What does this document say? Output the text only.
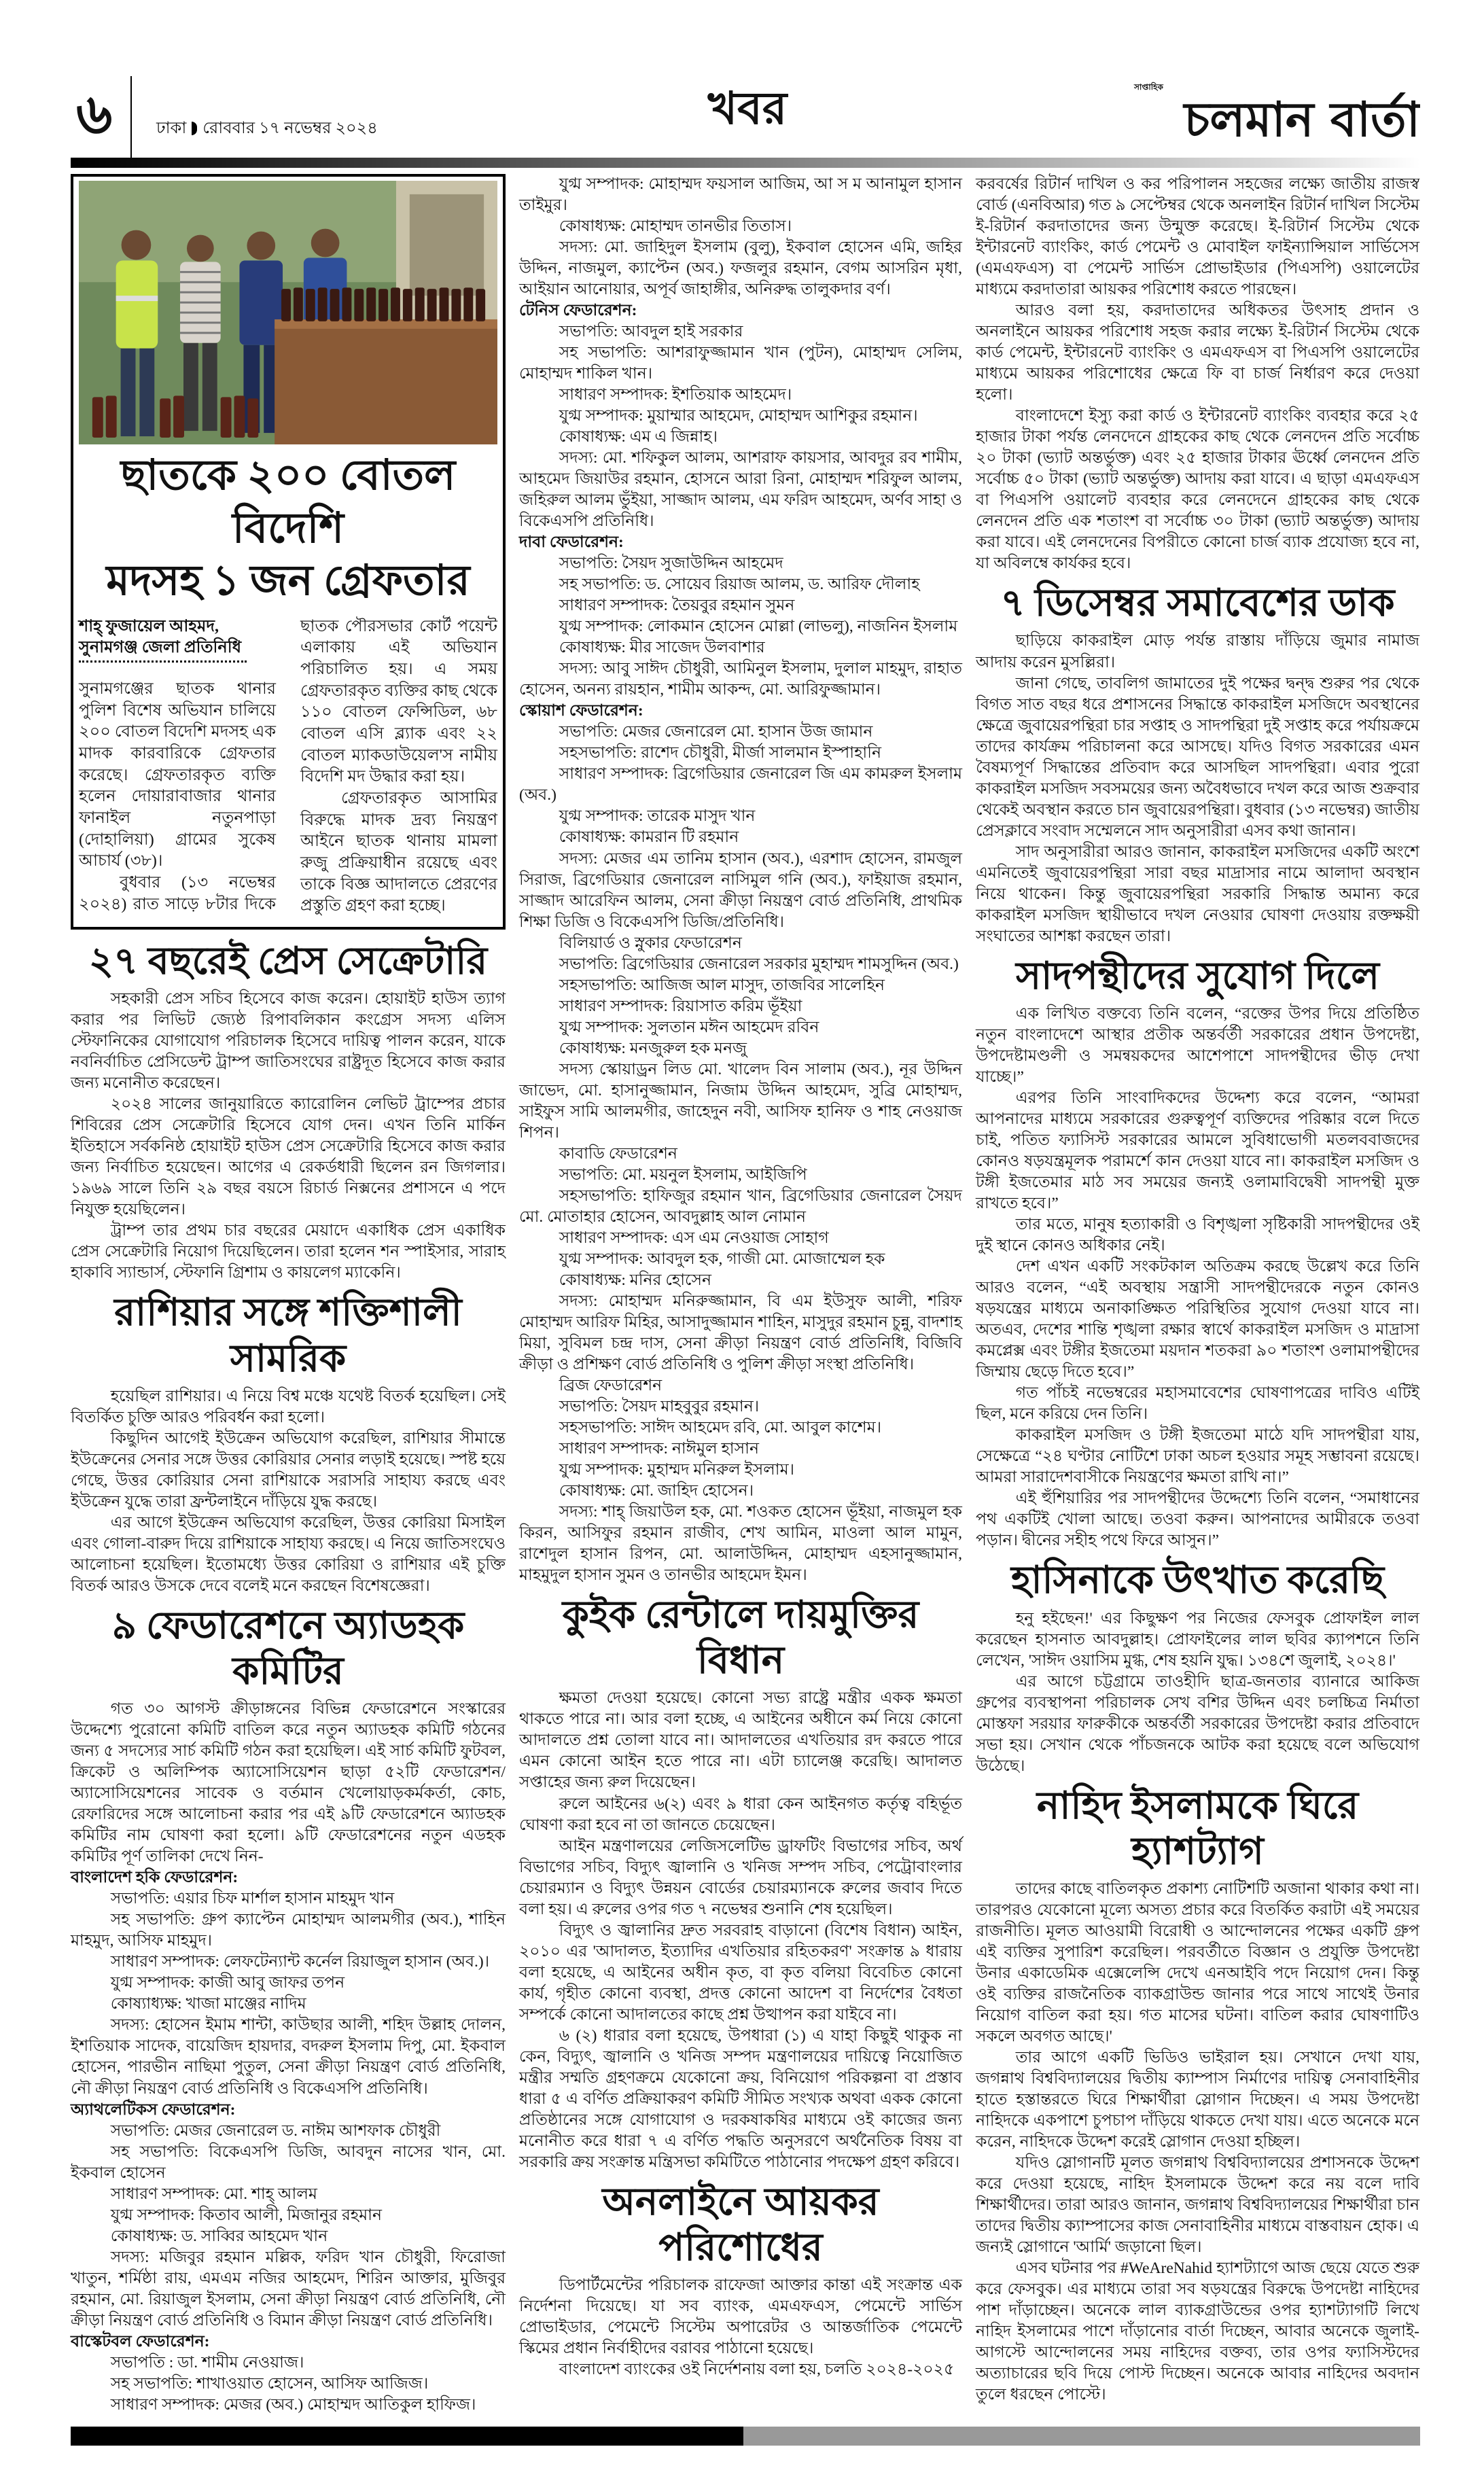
৬	ঢাকা রোববার ১৭ নভেম্বর ২০২৪	খবর	সাপ্তাহিক
চলমান বার্তা
ছাতকে ২০০ বোতল বিদেশি
মদসহ ১ জন গ্রেফতার
শাহ্ ফুজায়েল আহমদ,
সুনামগঞ্জ জেলা প্রতিনিধি

সুনামগঞ্জের ছাতক থানার পুলিশ বিশেষ অভিযান চালিয়ে ২০০ বোতল বিদেশি মদসহ এক মাদক কারবারিকে গ্রেফতার করেছে। গ্রেফতারকৃত ব্যক্তি হলেন দোয়ারাবাজার থানার ফানাইল নতুনপাড়া (দোহালিয়া) গ্রামের সুকেষ আচার্য (৩৮)।

বুধবার (১৩ নভেম্বর ২০২৪) রাত সাড়ে ৮টার দিকে ছাতক পৌরসভার কোর্ট পয়েন্ট এলাকায় এই অভিযান পরিচালিত হয়। এ সময় গ্রেফতারকৃত ব্যক্তির কাছ থেকে ১১০ বোতল ফেন্সিডিল, ৬৮ বোতল এসি ব্ল্যাক এবং ২২ বোতল ম্যাকডাউয়েল'স নামীয় বিদেশি মদ উদ্ধার করা হয়।

গ্রেফতারকৃত আসামির বিরুদ্ধে মাদক দ্রব্য নিয়ন্ত্রণ আইনে ছাতক থানায় মামলা রুজু প্রক্রিয়াধীন রয়েছে এবং তাকে বিজ্ঞ আদালতে প্রেরণের প্রস্তুতি গ্রহণ করা হচ্ছে।

২৭ বছরেই প্রেস সেক্রেটারি

সহকারী প্রেস সচিব হিসেবে কাজ করেন। হোয়াইট হাউস ত্যাগ করার পর লিভিট জ্যেষ্ঠ রিপাবলিকান কংগ্রেস সদস্য এলিস স্টেফানিকের যোগাযোগ পরিচালক হিসেবে দায়িত্ব পালন করেন, যাকে নবনির্বাচিত প্রেসিডেন্ট ট্রাম্প জাতিসংঘের রাষ্ট্রদূত হিসেবে কাজ করার জন্য মনোনীত করেছেন।

২০২৪ সালের জানুয়ারিতে ক্যারোলিন লেভিট ট্রাম্পের প্রচার শিবিরের প্রেস সেক্রেটারি হিসেবে যোগ দেন। এখন তিনি মার্কিন ইতিহাসে সর্বকনিষ্ঠ হোয়াইট হাউস প্রেস সেক্রেটারি হিসেবে কাজ করার জন্য নির্বাচিত হয়েছেন। আগের এ রেকর্ডধারী ছিলেন রন জিগলার। ১৯৬৯ সালে তিনি ২৯ বছর বয়সে রিচার্ড নিক্সনের প্রশাসনে এ পদে নিযুক্ত হয়েছিলেন।

ট্রাম্প তার প্রথম চার বছরের মেয়াদে একাধিক প্রেস একাধিক প্রেস সেক্রেটারি নিয়োগ দিয়েছিলেন। তারা হলেন শন স্পাইসার, সারাহ হাকাবি স্যান্ডার্স, স্টেফানি গ্রিশাম ও কায়লেগ ম্যাকেনি।

রাশিয়ার সঙ্গে শক্তিশালী সামরিক

হয়েছিল রাশিয়ার। এ নিয়ে বিশ্ব মঞ্চে যথেষ্ট বিতর্ক হয়েছিল। সেই বিতর্কিত চুক্তি আরও পরিবর্ধন করা হলো।

কিছুদিন আগেই ইউক্রেন অভিযোগ করেছিল, রাশিয়ার সীমান্তে ইউক্রেনের সেনার সঙ্গে উত্তর কোরিয়ার সেনার লড়াই হয়েছে। স্পষ্ট হয়ে গেছে, উত্তর কোরিয়ার সেনা রাশিয়াকে সরাসরি সাহায্য করছে এবং ইউক্রেন যুদ্ধে তারা ফ্রন্টলাইনে দাঁড়িয়ে যুদ্ধ করছে।

এর আগে ইউক্রেন অভিযোগ করেছিল, উত্তর কোরিয়া মিসাইল এবং গোলা-বারুদ দিয়ে রাশিয়াকে সাহায্য করছে। এ নিয়ে জাতিসংঘেও আলোচনা হয়েছিল। ইতোমধ্যে উত্তর কোরিয়া ও রাশিয়ার এই চুক্তি বিতর্ক আরও উসকে দেবে বলেই মনে করছেন বিশেষজ্ঞেরা।

৯ ফেডারেশনে অ্যাডহক কমিটির

গত ৩০ আগস্ট ক্রীড়াঙ্গনের বিভিন্ন ফেডারেশনে সংস্কারের উদ্দেশ্যে পুরোনো কমিটি বাতিল করে নতুন অ্যাডহক কমিটি গঠনের জন্য ৫ সদস্যের সার্চ কমিটি গঠন করা হয়েছিল। এই সার্চ কমিটি ফুটবল, ক্রিকেট ও অলিম্পিক অ্যাসোসিয়েশন ছাড়া ৫২টি ফেডারেশন/অ্যাসোসিয়েশনের সাবেক ও বর্তমান খেলোয়াড়কর্মকর্তা, কোচ, রেফারিদের সঙ্গে আলোচনা করার পর এই ৯টি ফেডারেশনে অ্যাডহক কমিটির নাম ঘোষণা করা হলো। ৯টি ফেডারেশনের নতুন এডহক কমিটির পূর্ণ তালিকা দেখে নিন-

বাংলাদেশ হকি ফেডারেশন:

সভাপতি: এয়ার চিফ মার্শাল হাসান মাহমুদ খান

সহ সভাপতি: গ্রুপ ক্যাপ্টেন মোহাম্মদ আলমগীর (অব.), শাহিন মাহমুদ, আসিফ মাহমুদ।

সাধারণ সম্পাদক: লেফটেন্যান্ট কর্নেল রিয়াজুল হাসান (অব.)।

যুগ্ম সম্পাদক: কাজী আবু জাফর তপন

কোষ্যাধ্যক্ষ: খাজা মাঞ্জের নাদিম

সদস্য: হোসেন ইমাম শান্টা, কাউছার আলী, শহিদ উল্লাহ দোলন, ইশতিয়াক সাদেক, বায়েজিদ হায়দার, বদরুল ইসলাম দিপু, মো. ইকবাল হোসেন, পারভীন নাছিমা পুতুল, সেনা ক্রীড়া নিয়ন্ত্রণ বোর্ড প্রতিনিধি, নৌ ক্রীড়া নিয়ন্ত্রণ বোর্ড প্রতিনিধি ও বিকেএসপি প্রতিনিধি।

অ্যাথলেটিকস ফেডারেশন:

সভাপতি: মেজর জেনারেল ড. নাঈম আশফাক চৌধুরী

সহ সভাপতি: বিকেএসপি ডিজি, আবদুন নাসের খান, মো. ইকবাল হোসেন

সাধারণ সম্পাদক: মো. শাহ্ আলম

যুগ্ম সম্পাদক: কিতাব আলী, মিজানুর রহমান

কোষাধ্যক্ষ: ড. সাব্বির আহমেদ খান

সদস্য: মজিবুর রহমান মল্লিক, ফরিদ খান চৌধুরী, ফিরোজা খাতুন, শর্মিষ্ঠা রায়, এমএম নজির আহমেদ, শিরিন আক্তার, মুজিবুর রহমান, মো. রিয়াজুল ইসলাম, সেনা ক্রীড়া নিয়ন্ত্রণ বোর্ড প্রতিনিধি, নৌ ক্রীড়া নিয়ন্ত্রণ বোর্ড প্রতিনিধি ও বিমান ক্রীড়া নিয়ন্ত্রণ বোর্ড প্রতিনিধি।

বাস্কেটবল ফেডারেশন:

সভাপতি : ডা. শামীম নেওয়াজ।

সহ সভাপতি: শাখাওয়াত হোসেন, আসিফ আজিজ।

সাধারণ সম্পাদক: মেজর (অব.) মোহাম্মদ আতিকুল হাফিজ।

যুগ্ম সম্পাদক: মোহাম্মদ ফয়সাল আজিম, আ স ম আনামুল হাসান তাইমুর।

কোষাধ্যক্ষ: মোহাম্মদ তানভীর তিতাস।

সদস্য: মো. জাহিদুল ইসলাম (বুলু), ইকবাল হোসেন এমি, জহির উদ্দিন, নাজমুল, ক্যাপ্টেন (অব.) ফজলুর রহমান, বেগম আসরিন মৃধা, আইয়ান আনোয়ার, অপূর্ব জাহাঙ্গীর, অনিরুদ্ধ তালুকদার বর্ণ।

টেনিস ফেডারেশন:

সভাপতি: আবদুল হাই সরকার

সহ সভাপতি: আশরাফুজ্জামান খান (পুটন), মোহাম্মদ সেলিম, মোহাম্মদ শাকিল খান।

সাধারণ সম্পাদক: ইশতিয়াক আহমেদ।

যুগ্ম সম্পাদক: মুয়াম্মার আহমেদ, মোহাম্মদ আশিকুর রহমান।

কোষাধ্যক্ষ: এম এ জিন্নাহ।

সদস্য: মো. শফিকুল আলম, আশরাফ কায়সার, আবদুর রব শামীম, আহমেদ জিয়াউর রহমান, হোসনে আরা রিনা, মোহাম্মদ শরিফুল আলম, জহিরুল আলম ভুঁইয়া, সাজ্জাদ আলম, এম ফরিদ আহমেদ, অর্ণব সাহা ও বিকেএসপি প্রতিনিধি।

দাবা ফেডারেশন:

সভাপতি: সৈয়দ সুজাউদ্দিন আহমেদ

সহ সভাপতি: ড. সোয়েব রিয়াজ আলম, ড. আরিফ দৌলাহ

সাধারণ সম্পাদক: তৈয়বুর রহমান সুমন

যুগ্ম সম্পাদক: লোকমান হোসেন মোল্লা (লাভলু), নাজনিন ইসলাম

কোষাধ্যক্ষ: মীর সাজেদ উলবাশার

সদস্য: আবু সাঈদ চৌধুরী, আমিনুল ইসলাম, দুলাল মাহমুদ, রাহাত হোসেন, অনন্য রায়হান, শামীম আকন্দ, মো. আরিফুজ্জামান।

স্কোয়াশ ফেডারেশন:

সভাপতি: মেজর জেনারেল মো. হাসান উজ জামান

সহসভাপতি: রাশেদ চৌধুরী, মীর্জা সালমান ইস্পাহানি

সাধারণ সম্পাদক: ব্রিগেডিয়ার জেনারেল জি এম কামরুল ইসলাম (অব.)

যুগ্ম সম্পাদক: তারেক মাসুদ খান

কোষাধ্যক্ষ: কামরান টি রহমান

সদস্য: মেজর এম তানিম হাসান (অব.), এরশাদ হোসেন, রামজুল সিরাজ, ব্রিগেডিয়ার জেনারেল নাসিমুল গনি (অব.), ফাইয়াজ রহমান, সাজ্জাদ আরেফিন আলম, সেনা ক্রীড়া নিয়ন্ত্রণ বোর্ড প্রতিনিধি, প্রাথমিক শিক্ষা ডিজি ও বিকেএসপি ডিজি/প্রতিনিধি।

বিলিয়ার্ড ও স্নুকার ফেডারেশন

সভাপতি: ব্রিগেডিয়ার জেনারেল সরকার মুহাম্মদ শামসুদ্দিন (অব.)

সহসভাপতি: আজিজ আল মাসুদ, তাজবির সালেহিন

সাধারণ সম্পাদক: রিয়াসাত করিম ভূঁইয়া

যুগ্ম সম্পাদক: সুলতান মঈন আহমেদ রবিন

কোষাধ্যক্ষ: মনজুরুল হক মনজু

সদস্য স্কোয়াড্রন লিড মো. খালেদ বিন সালাম (অব.), নূর উদ্দিন জাভেদ, মো. হাসানুজ্জামান, নিজাম উদ্দিন আহমেদ, সুব্রি মোহাম্মদ, সাইফুস সামি আলমগীর, জাহেদুন নবী, আসিফ হানিফ ও শাহ নেওয়াজ শিপন।

কাবাডি ফেডারেশন

সভাপতি: মো. ময়নুল ইসলাম, আইজিপি

সহসভাপতি: হাফিজুর রহমান খান, ব্রিগেডিয়ার জেনারেল সৈয়দ মো. মোতাহার হোসেন, আবদুল্লাহ আল নোমান

সাধারণ সম্পাদক: এস এম নেওয়াজ সোহাগ

যুগ্ম সম্পাদক: আবদুল হক, গাজী মো. মোজাম্মেল হক

কোষাধ্যক্ষ: মনির হোসেন

সদস্য: মোহাম্মদ মনিরুজ্জামান, বি এম ইউসুফ আলী, শরিফ মোহাম্মদ আরিফ মিহির, আসাদুজ্জামান শাহিন, মাসুদুর রহমান চুন্নু, বাদশাহ মিয়া, সুবিমল চন্দ্র দাস, সেনা ক্রীড়া নিয়ন্ত্রণ বোর্ড প্রতিনিধি, বিজিবি ক্রীড়া ও প্রশিক্ষণ বোর্ড প্রতিনিধি ও পুলিশ ক্রীড়া সংস্থা প্রতিনিধি।

ব্রিজ ফেডারেশন

সভাপতি: সৈয়দ মাহবুবুর রহমান।

সহসভাপতি: সাঈদ আহমেদ রবি, মো. আবুল কাশেম।

সাধারণ সম্পাদক: নাঈমুল হাসান

যুগ্ম সম্পাদক: মুহাম্মদ মনিরুল ইসলাম।

কোষাধ্যক্ষ: মো. জাহিদ হোসেন।

সদস্য: শাহ্ জিয়াউল হক, মো. শওকত হোসেন ভূঁইয়া, নাজমুল হক কিরন, আসিফুর রহমান রাজীব, শেখ আমিন, মাওলা আল মামুন, রাশেদুল হাসান রিপন, মো. আলাউদ্দিন, মোহাম্মদ এহসানুজ্জামান, মাহমুদুল হাসান সুমন ও তানভীর আহমেদ ইমন।

কুইক রেন্টালে দায়মুক্তির বিধান

ক্ষমতা দেওয়া হয়েছে। কোনো সভ্য রাষ্ট্রে মন্ত্রীর একক ক্ষমতা থাকতে পারে না। আর বলা হচ্ছে, এ আইনের অধীনে কর্ম নিয়ে কোনো আদালতে প্রশ্ন তোলা যাবে না। আদালতের এখতিয়ার রদ করতে পারে এমন কোনো আইন হতে পারে না। এটা চ্যালেঞ্জ করেছি। আদালত সপ্তাহের জন্য রুল দিয়েছেন।

রুলে আইনের ৬(২) এবং ৯ ধারা কেন আইনগত কর্তৃত্ব বহির্ভূত ঘোষণা করা হবে না তা জানতে চেয়েছেন।

আইন মন্ত্রণালয়ের লেজিসলেটিভ ড্রাফটিং বিভাগের সচিব, অর্থ বিভাগের সচিব, বিদ্যুৎ জ্বালানি ও খনিজ সম্পদ সচিব, পেট্রোবাংলার চেয়ারম্যান ও বিদ্যুৎ উন্নয়ন বোর্ডের চেয়ারম্যানকে রুলের জবাব দিতে বলা হয়। এ রুলের ওপর গত ৭ নভেম্বর শুনানি শেষ হয়েছিল।

বিদ্যুৎ ও জ্বালানির দ্রুত সরবরাহ বাড়ানো (বিশেষ বিধান) আইন, ২০১০ এর 'আদালত, ইত্যাদির এখতিয়ার রহিতকরণ' সংক্রান্ত ৯ ধারায় বলা হয়েছে, এ আইনের অধীন কৃত, বা কৃত বলিয়া বিবেচিত কোনো কার্য, গৃহীত কোনো ব্যবস্থা, প্রদত্ত কোনো আদেশ বা নির্দেশের বৈধতা সম্পর্কে কোনো আদালতের কাছে প্রশ্ন উত্থাপন করা যাইবে না।

৬ (২) ধারার বলা হয়েছে, উপধারা (১) এ যাহা কিছুই থাকুক না কেন, বিদ্যুৎ, জ্বালানি ও খনিজ সম্পদ মন্ত্রণালয়ের দায়িত্বে নিয়োজিত মন্ত্রীর সম্মতি গ্রহণক্রমে যেকোনো ক্রয়, বিনিয়োগ পরিকল্পনা বা প্রস্তাব ধারা ৫ এ বর্ণিত প্রক্রিয়াকরণ কমিটি সীমিত সংখ্যক অথবা একক কোনো প্রতিষ্ঠানের সঙ্গে যোগাযোগ ও দরকষাকষির মাধ্যমে ওই কাজের জন্য মনোনীত করে ধারা ৭ এ বর্ণিত পদ্ধতি অনুসরণে অর্থনৈতিক বিষয় বা সরকারি ক্রয় সংক্রান্ত মন্ত্রিসভা কমিটিতে পাঠানোর পদক্ষেপ গ্রহণ করিবে।

অনলাইনে আয়কর পরিশোধের

ডিপার্টমেন্টের পরিচালক রাফেজা আক্তার কান্তা এই সংক্রান্ত এক নির্দেশনা দিয়েছে। যা সব ব্যাংক, এমএফএস, পেমেন্টে সার্ভিস প্রোভাইডার, পেমেন্টে সিস্টেম অপারেটর ও আন্তর্জাতিক পেমেন্টে স্কিমের প্রধান নির্বাহীদের বরাবর পাঠানো হয়েছে।

বাংলাদেশ ব্যাংকের ওই নির্দেশনায় বলা হয়, চলতি ২০২৪-২০২৫

করবর্ষের রিটার্ন দাখিল ও কর পরিপালন সহজের লক্ষ্যে জাতীয় রাজস্ব বোর্ড (এনবিআর) গত ৯ সেপ্টেম্বর থেকে অনলাইন রিটার্ন দাখিল সিস্টেম ই-রিটার্ন করদাতাদের জন্য উন্মুক্ত করেছে। ই-রিটার্ন সিস্টেম থেকে ইন্টারনেট ব্যাংকিং, কার্ড পেমেন্ট ও মোবাইল ফাইন্যান্সিয়াল সার্ভিসেস (এমএফএস) বা পেমেন্ট সার্ভিস প্রোভাইডার (পিএসপি) ওয়ালেটের মাধ্যমে করদাতারা আয়কর পরিশোধ করতে পারছেন।

আরও বলা হয়, করদাতাদের অধিকতর উৎসাহ প্রদান ও অনলাইনে আয়কর পরিশোধ সহজ করার লক্ষ্যে ই-রিটার্ন সিস্টেম থেকে কার্ড পেমেন্ট, ইন্টারনেট ব্যাংকিং ও এমএফএস বা পিএসপি ওয়ালেটের মাধ্যমে আয়কর পরিশোধের ক্ষেত্রে ফি বা চার্জ নির্ধারণ করে দেওয়া হলো।

বাংলাদেশে ইস্যু করা কার্ড ও ইন্টারনেট ব্যাংকিং ব্যবহার করে ২৫ হাজার টাকা পর্যন্ত লেনদেনে গ্রাহকের কাছ থেকে লেনদেন প্রতি সর্বোচ্চ ২০ টাকা (ভ্যাট অন্তর্ভুক্ত) এবং ২৫ হাজার টাকার ঊর্ধ্বে লেনদেন প্রতি সর্বোচ্চ ৫০ টাকা (ভ্যাট অন্তর্ভুক্ত) আদায় করা যাবে। এ ছাড়া এমএফএস বা পিএসপি ওয়ালেট ব্যবহার করে লেনদেনে গ্রাহকের কাছ থেকে লেনদেন প্রতি এক শতাংশ বা সর্বোচ্চ ৩০ টাকা (ভ্যাট অন্তর্ভুক্ত) আদায় করা যাবে। এই লেনদেনের বিপরীতে কোনো চার্জ ব্যাক প্রযোজ্য হবে না, যা অবিলম্বে কার্যকর হবে।

৭ ডিসেম্বর সমাবেশের ডাক

ছাড়িয়ে কাকরাইল মোড় পর্যন্ত রাস্তায় দাঁড়িয়ে জুমার নামাজ আদায় করেন মুসল্লিরা।

জানা গেছে, তাবলিগ জামাতের দুই পক্ষের দ্বন্দ্ব শুরুর পর থেকে বিগত সাত বছর ধরে প্রশাসনের সিদ্ধান্তে কাকরাইল মসজিদে অবস্থানের ক্ষেত্রে জুবায়েরপন্থিরা চার সপ্তাহ ও সাদপন্থিরা দুই সপ্তাহ করে পর্যায়ক্রমে তাদের কার্যক্রম পরিচালনা করে আসছে। যদিও বিগত সরকারের এমন বৈষম্যপূর্ণ সিদ্ধান্তের প্রতিবাদ করে আসছিল সাদপন্থিরা। এবার পুরো কাকরাইল মসজিদ সবসময়ের জন্য অবৈধভাবে দখল করে আজ শুক্রবার থেকেই অবস্থান করতে চান জুবায়েরপন্থিরা। বুধবার (১৩ নভেম্বর) জাতীয় প্রেসক্লাবে সংবাদ সম্মেলনে সাদ অনুসারীরা এসব কথা জানান।

সাদ অনুসারীরা আরও জানান, কাকরাইল মসজিদের একটি অংশে এমনিতেই জুবায়েরপন্থিরা সারা বছর মাদ্রাসার নামে আলাদা অবস্থান নিয়ে থাকেন। কিন্তু জুবায়েরপন্থিরা সরকারি সিদ্ধান্ত অমান্য করে কাকরাইল মসজিদ স্থায়ীভাবে দখল নেওয়ার ঘোষণা দেওয়ায় রক্তক্ষয়ী সংঘাতের আশঙ্কা করছেন তারা।

সাদপন্থীদের সুযোগ দিলে

এক লিখিত বক্তব্যে তিনি বলেন, “রক্তের উপর দিয়ে প্রতিষ্ঠিত নতুন বাংলাদেশে আস্থার প্রতীক অন্তর্বর্তী সরকারের প্রধান উপদেষ্টা, উপদেষ্টামণ্ডলী ও সমন্বয়কদের আশেপাশে সাদপন্থীদের ভীড় দেখা যাচ্ছে।”

এরপর তিনি সাংবাদিকদের উদ্দেশ্য করে বলেন, “আমরা আপনাদের মাধ্যমে সরকারের গুরুত্বপূর্ণ ব্যক্তিদের পরিষ্কার বলে দিতে চাই, পতিত ফ্যাসিস্ট সরকারের আমলে সুবিধাভোগী মতলববাজদের কোনও ষড়যন্ত্রমূলক পরামর্শে কান দেওয়া যাবে না। কাকরাইল মসজিদ ও টঙ্গী ইজতেমার মাঠ সব সময়ের জন্যই ওলামাবিদ্বেষী সাদপন্থী মুক্ত রাখতে হবে।”

তার মতে, মানুষ হত্যাকারী ও বিশৃঙ্খলা সৃষ্টিকারী সাদপন্থীদের ওই দুই স্থানে কোনও অধিকার নেই।

দেশ এখন একটি সংকটকাল অতিক্রম করছে উল্লেখ করে তিনি আরও বলেন, “এই অবস্থায় সন্ত্রাসী সাদপন্থীদেরকে নতুন কোনও ষড়যন্ত্রের মাধ্যমে অনাকাঙ্ক্ষিত পরিস্থিতির সুযোগ দেওয়া যাবে না। অতএব, দেশের শান্তি শৃঙ্খলা রক্ষার স্বার্থে কাকরাইল মসজিদ ও মাদ্রাসা কমপ্লেক্স এবং টঙ্গীর ইজতেমা ময়দান শতকরা ৯০ শতাংশ ওলামাপন্থীদের জিম্মায় ছেড়ে দিতে হবে।”

গত পাঁচই নভেম্বরের মহাসমাবেশের ঘোষণাপত্রের দাবিও এটিই ছিল, মনে করিয়ে দেন তিনি।

কাকরাইল মসজিদ ও টঙ্গী ইজতেমা মাঠে যদি সাদপন্থীরা যায়, সেক্ষেত্রে “২৪ ঘণ্টার নোটিশে ঢাকা অচল হওয়ার সমূহ সম্ভাবনা রয়েছে। আমরা সারাদেশবাসীকে নিয়ন্ত্রণের ক্ষমতা রাখি না।”

এই হুঁশিয়ারির পর সাদপন্থীদের উদ্দেশ্যে তিনি বলেন, “সমাধানের পথ একটিই খোলা আছে। তওবা করুন। আপনাদের আমীরকে তওবা পড়ান। দ্বীনের সহীহ পথে ফিরে আসুন।”

হাসিনাকে উৎখাত করেছি

হনু হইছেন!' এর কিছুক্ষণ পর নিজের ফেসবুক প্রোফাইল লাল করেছেন হাসনাত আবদুল্লাহ। প্রোফাইলের লাল ছবির ক্যাপশনে তিনি লেখেন, 'সাঈদ ওয়াসিম মুগ্ধ, শেষ হয়নি যুদ্ধ। ১৩৪শে জুলাই, ২০২৪।'

এর আগে চট্টগ্রামে তাওহীদি ছাত্র-জনতার ব্যানারে আকিজ গ্রুপের ব্যবস্থাপনা পরিচালক সেখ বশির উদ্দিন এবং চলচ্চিত্র নির্মাতা মোস্তফা সরয়ার ফারুকীকে অন্তর্বর্তী সরকারের উপদেষ্টা করার প্রতিবাদে সভা হয়। সেখান থেকে পাঁচজনকে আটক করা হয়েছে বলে অভিযোগ উঠেছে।

নাহিদ ইসলামকে ঘিরে হ্যাশট্যাগ

তাদের কাছে বাতিলকৃত প্রকাশ্য নোটিশটি অজানা থাকার কথা না। তারপরও যেকোনো মূল্যে অসত্য প্রচার করে বিতর্কিত করাটা এই সময়ের রাজনীতি। মূলত আওয়ামী বিরোধী ও আন্দোলনের পক্ষের একটি গ্রুপ এই ব্যক্তির সুপারিশ করেছিল। পরবর্তীতে বিজ্ঞান ও প্রযুক্তি উপদেষ্টা উনার একাডেমিক এক্সেলেন্সি দেখে এনআইবি পদে নিয়োগ দেন। কিন্তু ওই ব্যক্তির রাজনৈতিক ব্যাকগ্রাউন্ড জানার পরে সাথে সাথেই উনার নিয়োগ বাতিল করা হয়। গত মাসের ঘটনা। বাতিল করার ঘোষণাটিও সকলে অবগত আছে।'

তার আগে একটি ভিডিও ভাইরাল হয়। সেখানে দেখা যায়, জগন্নাথ বিশ্ববিদ্যালয়ের দ্বিতীয় ক্যাম্পাস নির্মাণের দায়িত্ব সেনাবাহিনীর হাতে হস্তান্তরতে ঘিরে শিক্ষার্থীরা স্লোগান দিচ্ছেন। এ সময় উপদেষ্টা নাহিদকে একপাশে চুপচাপ দাঁড়িয়ে থাকতে দেখা যায়। এতে অনেকে মনে করেন, নাহিদকে উদ্দেশ করেই স্লোগান দেওয়া হচ্ছিল।

যদিও স্লোগানটি মূলত জগন্নাথ বিশ্ববিদ্যালয়ের প্রশাসনকে উদ্দেশ করে দেওয়া হয়েছে, নাহিদ ইসলামকে উদ্দেশ করে নয় বলে দাবি শিক্ষার্থীদের। তারা আরও জানান, জগন্নাথ বিশ্ববিদ্যালয়ের শিক্ষার্থীরা চান তাদের দ্বিতীয় ক্যাম্পাসের কাজ সেনাবাহিনীর মাধ্যমে বাস্তবায়ন হোক। এ জন্যই স্লোগানে 'আর্মি' জড়ানো ছিল।

এসব ঘটনার পর #WeAreNahid হ্যাশট্যাগে আজ ছেয়ে যেতে শুরু করে ফেসবুক। এর মাধ্যমে তারা সব ষড়যন্ত্রের বিরুদ্ধে উপদেষ্টা নাহিদের পাশ দাঁড়াচ্ছেন। অনেকে লাল ব্যাকগ্রাউন্ডের ওপর হ্যাশট্যাগটি লিখে নাহিদ ইসলামের পাশে দাঁড়ানোর বার্তা দিচ্ছেন, আবার অনেকে জুলাই-আগস্টে আন্দোলনের সময় নাহিদের বক্তব্য, তার ওপর ফ্যাসিস্টদের অত্যাচারের ছবি দিয়ে পোস্ট দিচ্ছেন। অনেকে আবার নাহিদের অবদান তুলে ধরছেন পোস্টে।
